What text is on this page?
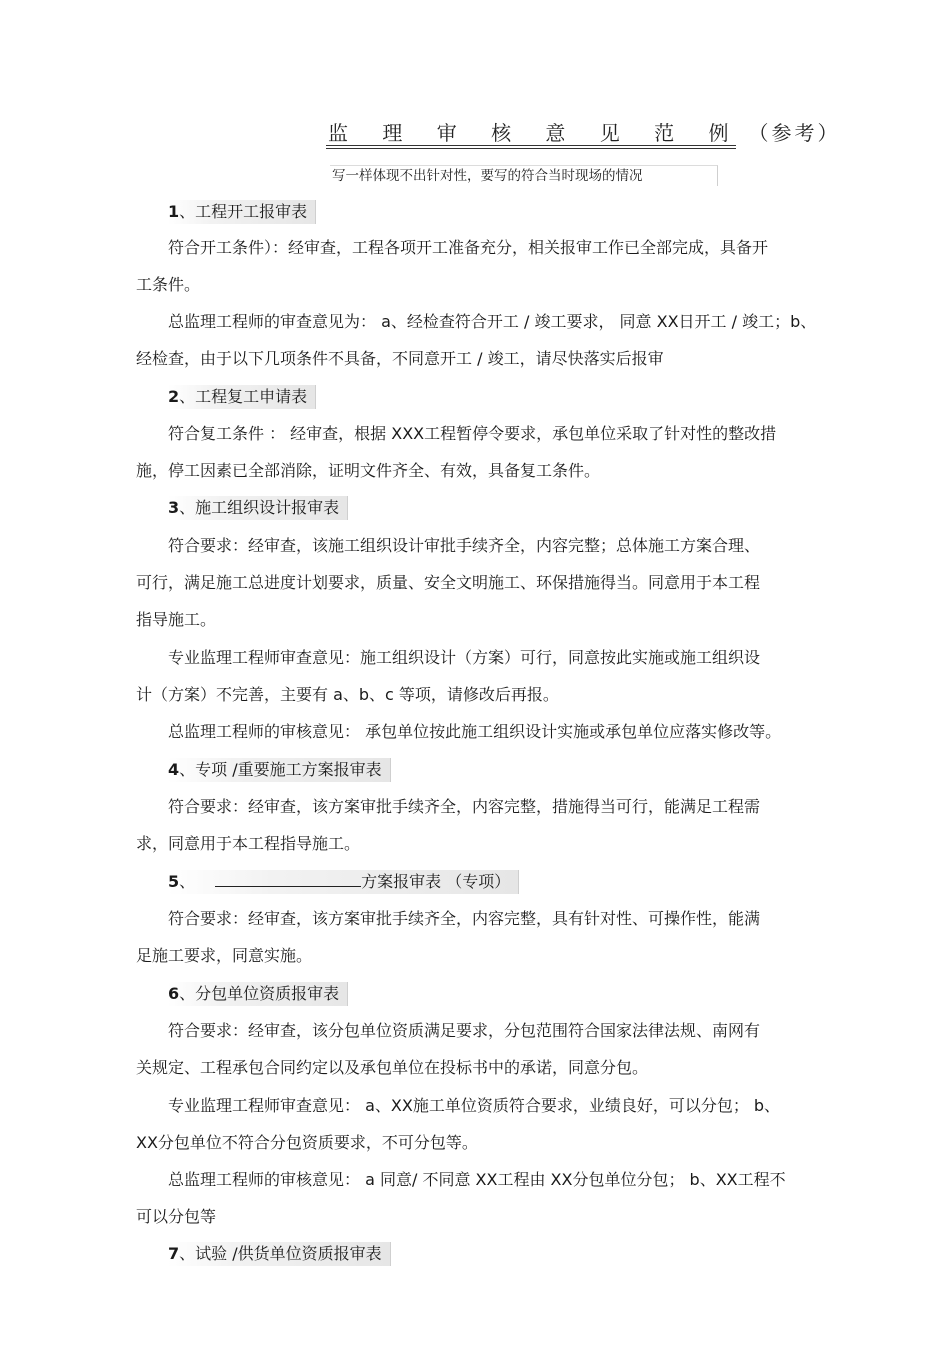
监 理 审 核 意 见 范 例 （参考）
写一样体现不出针对性，要写的符合当时现场的情况
1、工程开工报审表
符合开工条件）：经审查，工程各项开工准备充分，相关报审工作已全部完成，具备开
工条件。
总监理工程师的审查意见为： a、经检查符合开工 / 竣工要求， 同意 XX日开工 / 竣工；b、
经检查，由于以下几项条件不具备，不同意开工 / 竣工，请尽快落实后报审
2、工程复工申请表
符合复工条件 ： 经审查，根据 XXX工程暂停令要求，承包单位采取了针对性的整改措
施，停工因素已全部消除，证明文件齐全、有效，具备复工条件。
3、施工组织设计报审表
符合要求：经审查，该施工组织设计审批手续齐全，内容完整；总体施工方案合理、
可行，满足施工总进度计划要求，质量、安全文明施工、环保措施得当。同意用于本工程
指导施工。
专业监理工程师审查意见：施工组织设计（方案）可行，同意按此实施或施工组织设
计（方案）不完善，主要有 a、b、c 等项，请修改后再报。
总监理工程师的审核意见： 承包单位按此施工组织设计实施或承包单位应落实修改等。
4、专项 /重要施工方案报审表
符合要求：经审查，该方案审批手续齐全，内容完整，措施得当可行，能满足工程需
求，同意用于本工程指导施工。
5、	方案报审表 （专项）
符合要求：经审查，该方案审批手续齐全，内容完整，具有针对性、可操作性，能满
足施工要求，同意实施。
6、分包单位资质报审表
符合要求：经审查，该分包单位资质满足要求，分包范围符合国家法律法规、南网有
关规定、工程承包合同约定以及承包单位在投标书中的承诺，同意分包。
专业监理工程师审查意见： a、XX施工单位资质符合要求，业绩良好，可以分包； b、
XX分包单位不符合分包资质要求，不可分包等。
总监理工程师的审核意见： a 同意/ 不同意 XX工程由 XX分包单位分包； b、XX工程不
可以分包等
7、试验 /供货单位资质报审表
